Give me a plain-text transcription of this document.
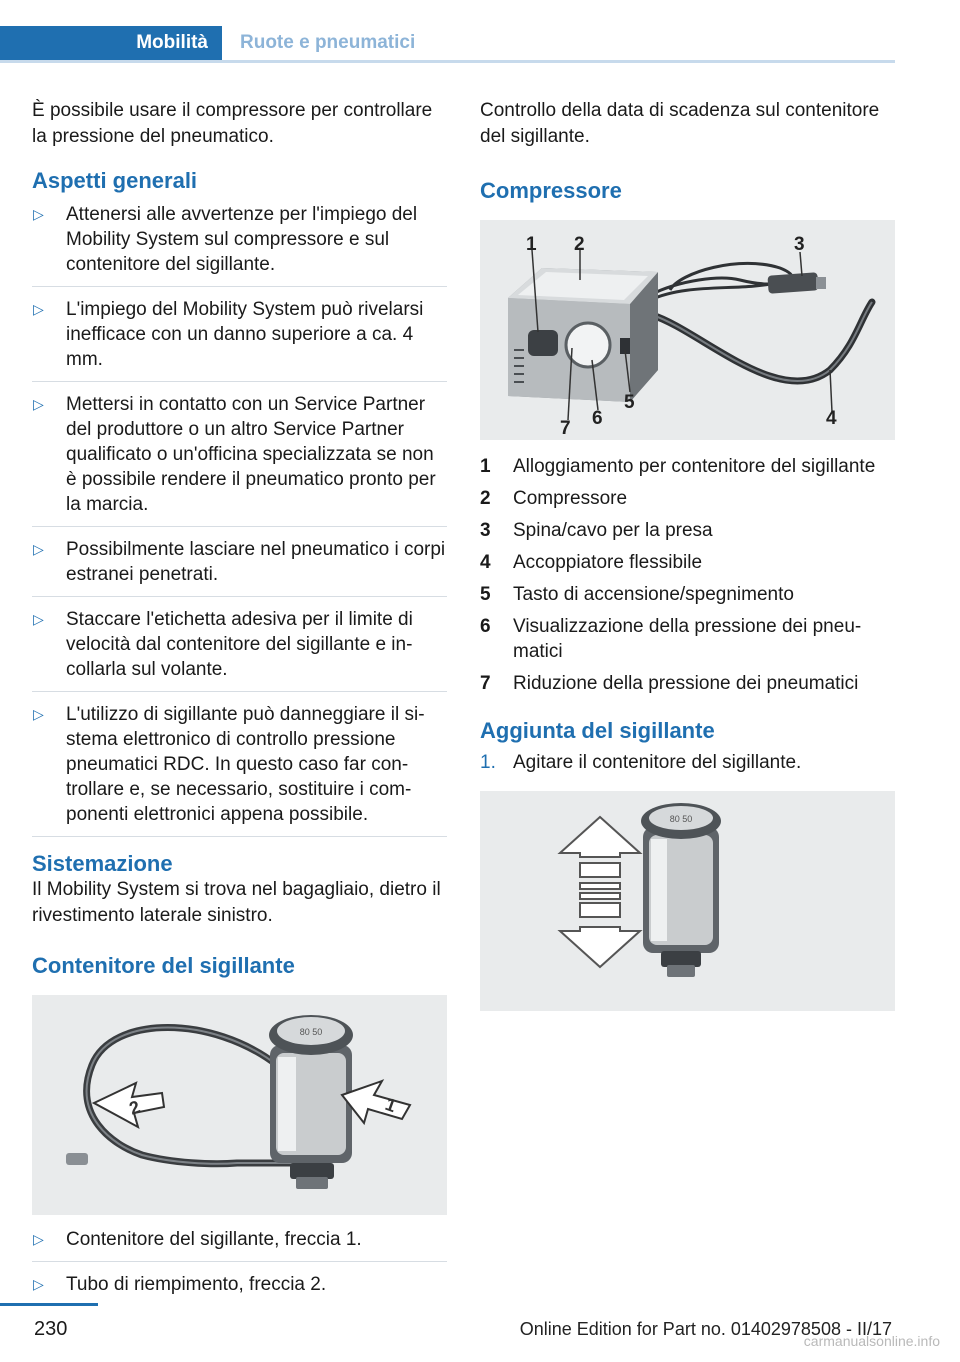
Mobilità	Ruote e pneumatici

È possibile usare il compressore per controllare la pressione del pneumatico.

Aspetti generali
▷ Attenersi alle avvertenze per l'impiego del Mobility System sul compressore e sul contenitore del sigillante.
▷ L'impiego del Mobility System può rivelarsi inefficace con un danno superiore a ca. 4 mm.
▷ Mettersi in contatto con un Service Partner del produttore o un altro Service Partner qualificato o un'officina specializzata se non è possibile rendere il pneumatico pronto per la marcia.
▷ Possibilmente lasciare nel pneumatico i corpi estranei penetrati.
▷ Staccare l'etichetta adesiva per il limite di velocità dal contenitore del sigillante e incollarla sul volante.
▷ L'utilizzo di sigillante può danneggiare il sistema elettronico di controllo pressione pneumatici RDC. In questo caso far controllare e, se necessario, sostituire i componenti elettronici appena possibile.
Sistemazione

Il Mobility System si trova nel bagagliaio, dietro il rivestimento laterale sinistro.

Contenitore del sigillante
80 50
1
2
▷ Contenitore del sigillante, freccia 1.
▷ Tubo di riempimento, freccia 2.

Controllo della data di scadenza sul contenitore del sigillante.

Compressore
1 2	3
4
5
6
7
1 Alloggiamento per contenitore del sigillante
2 Compressore
3 Spina/cavo per la presa
4 Accoppiatore flessibile
5 Tasto di accensione/spegnimento
6 Visualizzazione della pressione dei pneumatici
7 Riduzione della pressione dei pneumatici
Aggiunta del sigillante
1. Agitare il contenitore del sigillante.
80 50
230	Online Edition for Part no. 01402978508 - II/17
carmanualsonline.info
